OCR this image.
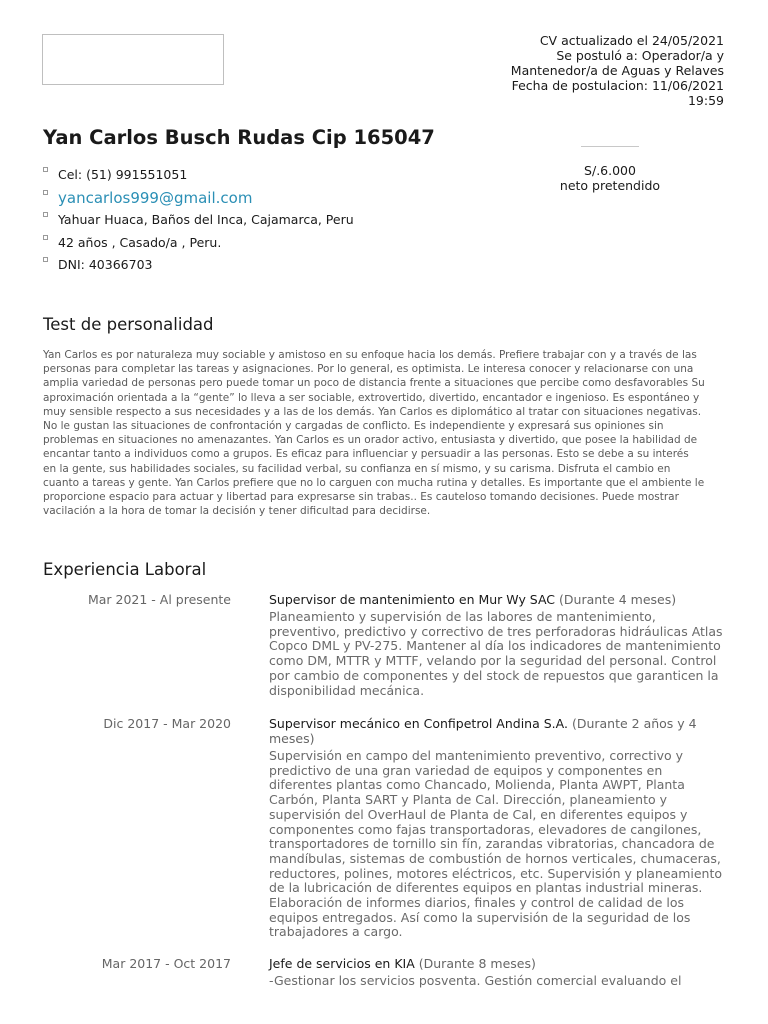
CV actualizado el 24/05/2021
Se postuló a: Operador/a y
Mantenedor/a de Aguas y Relaves
Fecha de postulacion: 11/06/2021
19:59
Yan Carlos Busch Rudas Cip 165047
Cel: (51) 991551051
yancarlos999@gmail.com
Yahuar Huaca, Baños del Inca, Cajamarca, Peru
42 años , Casado/a , Peru.
DNI: 40366703
S/.6.000
neto pretendido
Test de personalidad

Yan Carlos es por naturaleza muy sociable y amistoso en su enfoque hacia los demás. Prefiere trabajar con y a través de las personas para completar las tareas y asignaciones. Por lo general, es optimista. Le interesa conocer y relacionarse con una amplia variedad de personas pero puede tomar un poco de distancia frente a situaciones que percibe como desfavorables Su aproximación orientada a la “gente” lo lleva a ser sociable, extrovertido, divertido, encantador e ingenioso. Es espontáneo y muy sensible respecto a sus necesidades y a las de los demás. Yan Carlos es diplomático al tratar con situaciones negativas. No le gustan las situaciones de confrontación y cargadas de conflicto. Es independiente y expresará sus opiniones sin problemas en situaciones no amenazantes. Yan Carlos es un orador activo, entusiasta y divertido, que posee la habilidad de encantar tanto a individuos como a grupos. Es eficaz para influenciar y persuadir a las personas. Esto se debe a su interés en la gente, sus habilidades sociales, su facilidad verbal, su confianza en sí mismo, y su carisma. Disfruta el cambio en cuanto a tareas y gente. Yan Carlos prefiere que no lo carguen con mucha rutina y detalles. Es importante que el ambiente le proporcione espacio para actuar y libertad para expresarse sin trabas.. Es cauteloso tomando decisiones. Puede mostrar vacilación a la hora de tomar la decisión y tener dificultad para decidirse.

Experiencia Laboral
Mar 2021 - Al presente	Supervisor de mantenimiento en Mur Wy SAC (Durante 4 meses)
Planeamiento y supervisión de las labores de mantenimiento, preventivo, predictivo y correctivo de tres perforadoras hidráulicas Atlas Copco DML y PV-275. Mantener al día los indicadores de mantenimiento como DM, MTTR y MTTF, velando por la seguridad del personal. Control por cambio de componentes y del stock de repuestos que garanticen la disponibilidad mecánica.
Dic 2017 - Mar 2020	Supervisor mecánico en Confipetrol Andina S.A. (Durante 2 años y 4 meses)
Supervisión en campo del mantenimiento preventivo, correctivo y predictivo de una gran variedad de equipos y componentes en diferentes plantas como Chancado, Molienda, Planta AWPT, Planta Carbón, Planta SART y Planta de Cal. Dirección, planeamiento y supervisión del OverHaul de Planta de Cal, en diferentes equipos y componentes como fajas transportadoras, elevadores de cangilones, transportadores de tornillo sin fín, zarandas vibratorias, chancadora de mandíbulas, sistemas de combustión de hornos verticales, chumaceras, reductores, polines, motores eléctricos, etc. Supervisión y planeamiento de la lubricación de diferentes equipos en plantas industrial mineras. Elaboración de informes diarios, finales y control de calidad de los equipos entregados. Así como la supervisión de la seguridad de los trabajadores a cargo.
Mar 2017 - Oct 2017	Jefe de servicios en KIA (Durante 8 meses)
-Gestionar los servicios posventa. Gestión comercial evaluando el
